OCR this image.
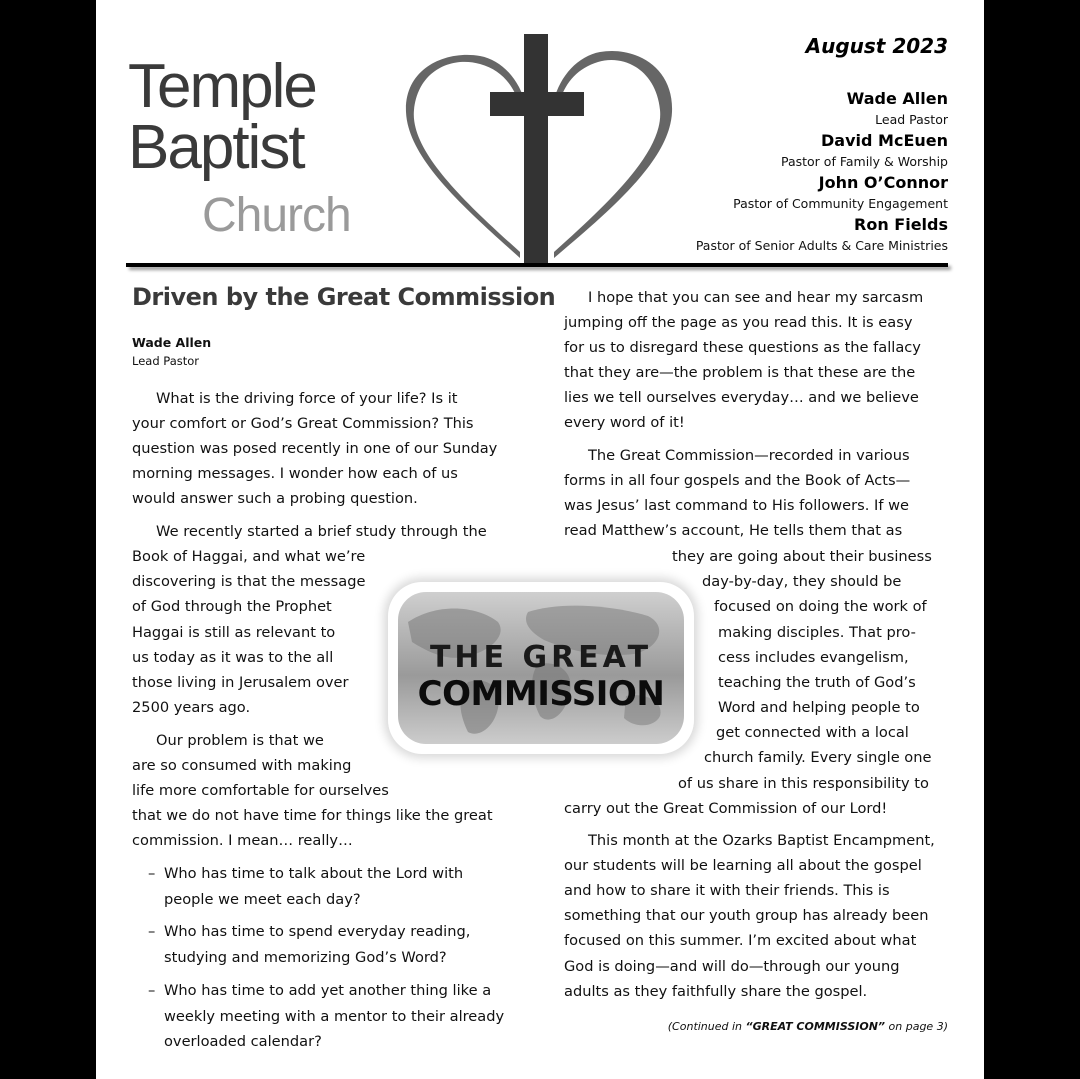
Temple
Baptist
Church
August 2023
Wade Allen
Lead Pastor
David McEuen
Pastor of Family & Worship
John O’Connor
Pastor of Community Engagement
Ron Fields
Pastor of Senior Adults & Care Ministries
Driven by the Great Commission
Wade Allen
Lead Pastor
What is the driving force of your life? Is it
your comfort or God’s Great Commission? This
question was posed recently in one of our Sunday
morning messages. I wonder how each of us
would answer such a probing question.
We recently started a brief study through the
Book of Haggai, and what we’re
discovering is that the message
of God through the Prophet
Haggai is still as relevant to
us today as it was to the all
those living in Jerusalem over
2500 years ago.
Our problem is that we
are so consumed with making
life more comfortable for ourselves
that we do not have time for things like the great
commission. I mean… really…
– Who has time to talk about the Lord with
people we meet each day?
– Who has time to spend everyday reading,
studying and memorizing God’s Word?
– Who has time to add yet another thing like a
weekly meeting with a mentor to their already
overloaded calendar?
I hope that you can see and hear my sarcasm
jumping off the page as you read this. It is easy
for us to disregard these questions as the fallacy
that they are—the problem is that these are the
lies we tell ourselves everyday… and we believe
every word of it!
The Great Commission—recorded in various
forms in all four gospels and the Book of Acts—
was Jesus’ last command to His followers. If we
read Matthew’s account, He tells them that as
they are going about their business
day-by-day, they should be
focused on doing the work of
making disciples. That pro-
cess includes evangelism,
teaching the truth of God’s
Word and helping people to
get connected with a local
church family. Every single one
of us share in this responsibility to
carry out the Great Commission of our Lord!
This month at the Ozarks Baptist Encampment,
our students will be learning all about the gospel
and how to share it with their friends. This is
something that our youth group has already been
focused on this summer. I’m excited about what
God is doing—and will do—through our young
adults as they faithfully share the gospel.
(Continued in “GREAT COMMISSION” on page 3)
THE GREAT
COMMISSION
